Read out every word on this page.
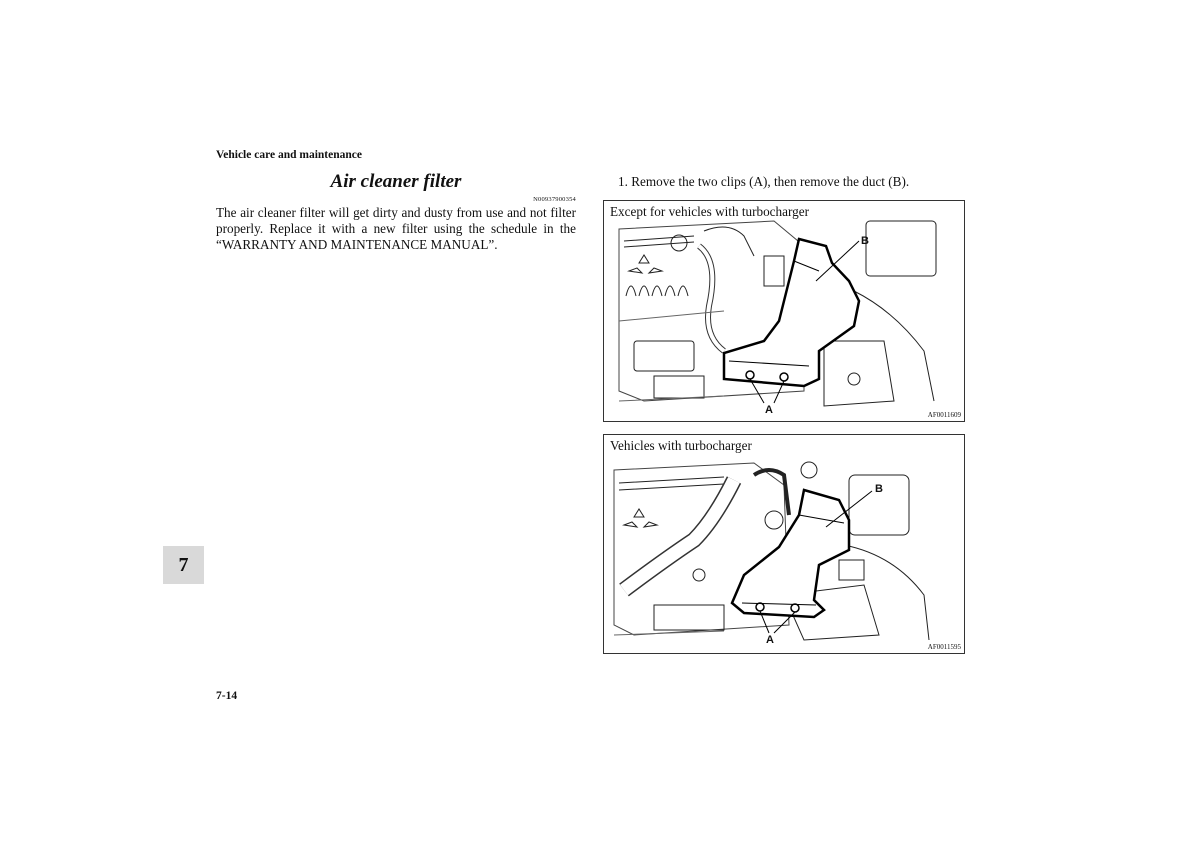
Vehicle care and maintenance
Air cleaner filter
N00937900354
The air cleaner filter will get dirty and dusty from use and not filter properly. Replace it with a new filter using the schedule in the “WARRANTY AND MAINTENANCE MANUAL”.
1. Remove the two clips (A), then remove the duct (B).
Except for vehicles with turbocharger
B
A	AF0011609
Vehicles with turbocharger
B
A
AF0011595
7
7-14
